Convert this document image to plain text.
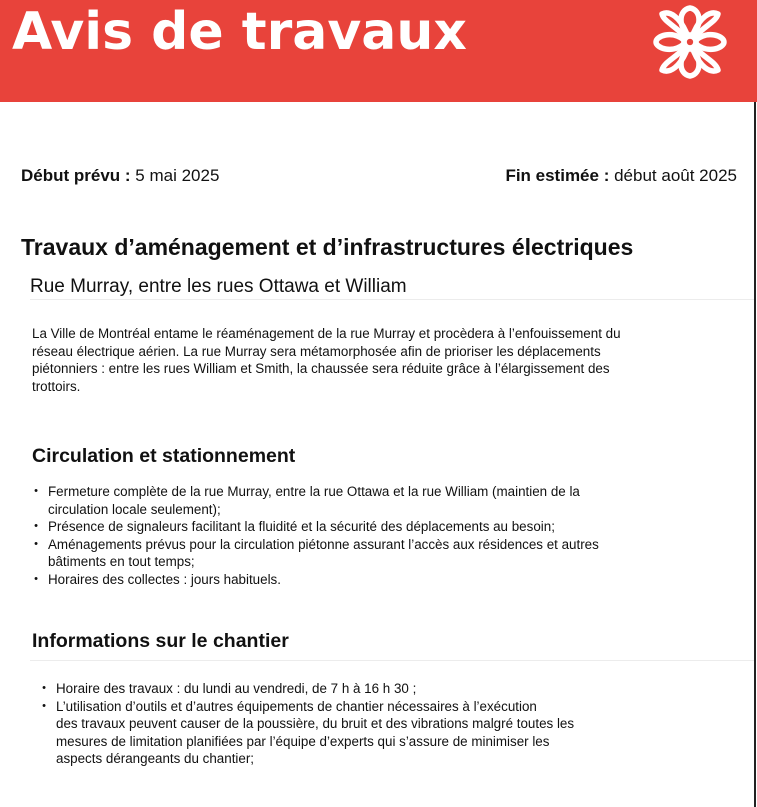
Avis de travaux
Début prévu : 5 mai 2025	Fin estimée : début août 2025
Travaux d’aménagement et d’infrastructures électriques
Rue Murray, entre les rues Ottawa et William
La Ville de Montréal entame le réaménagement de la rue Murray et procèdera à l’enfouissement du
réseau électrique aérien. La rue Murray sera métamorphosée afin de prioriser les déplacements
piétonniers : entre les rues William et Smith, la chaussée sera réduite grâce à l’élargissement des
trottoirs.
Circulation et stationnement
• Fermeture complète de la rue Murray, entre la rue Ottawa et la rue William (maintien de la
circulation locale seulement);
• Présence de signaleurs facilitant la fluidité et la sécurité des déplacements au besoin;
• Aménagements prévus pour la circulation piétonne assurant l’accès aux résidences et autres
bâtiments en tout temps;
• Horaires des collectes : jours habituels.
Informations sur le chantier
• Horaire des travaux : du lundi au vendredi, de 7 h à 16 h 30 ;
• L’utilisation d’outils et d’autres équipements de chantier nécessaires à l’exécution
des travaux peuvent causer de la poussière, du bruit et des vibrations malgré toutes les
mesures de limitation planifiées par l’équipe d’experts qui s’assure de minimiser les
aspects dérangeants du chantier;
